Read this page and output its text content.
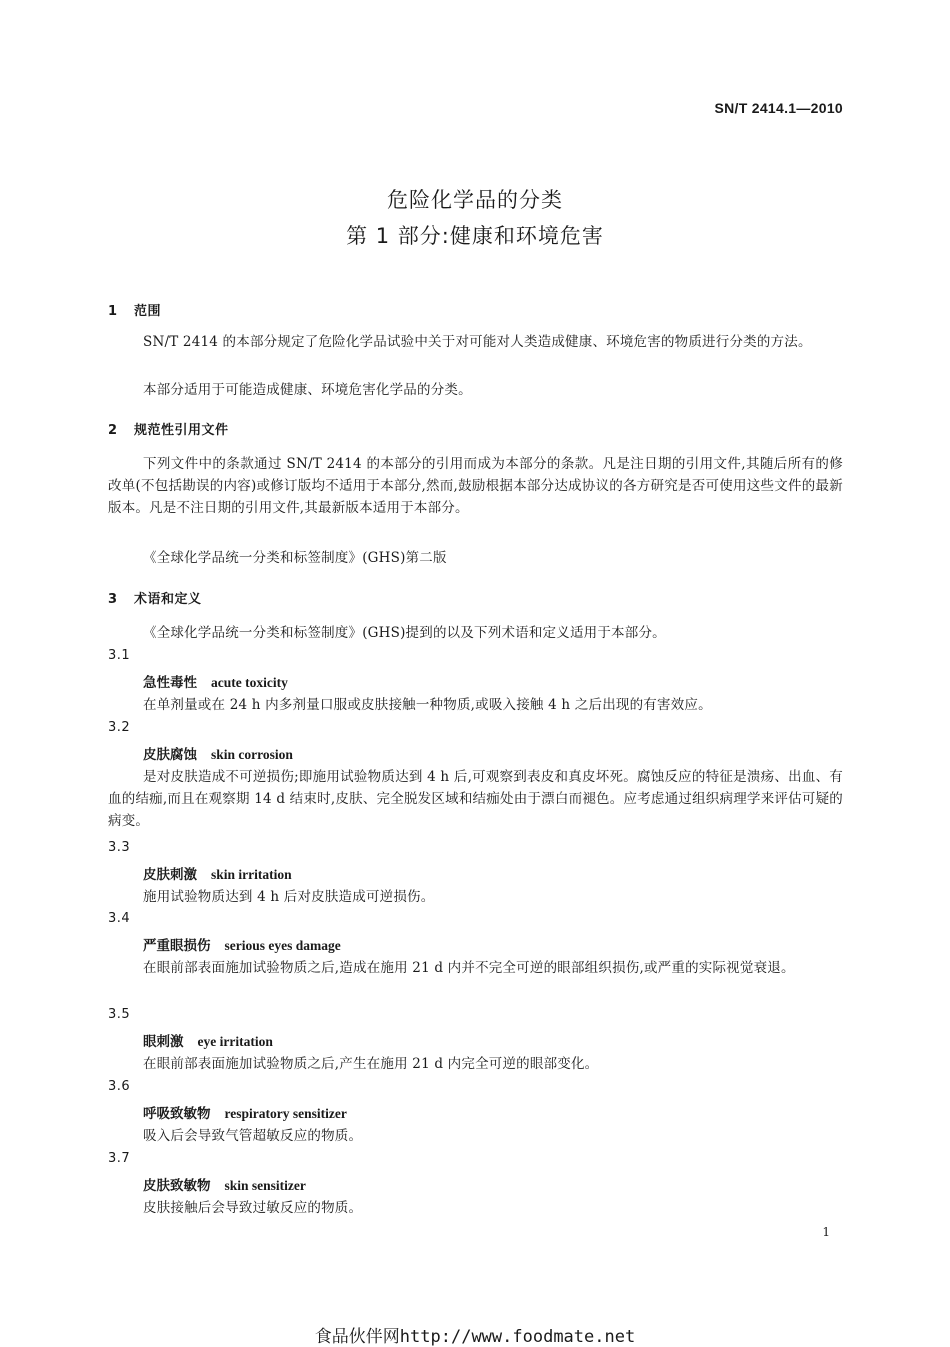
SN/T 2414.1—2010
危险化学品的分类
第 1 部分:健康和环境危害
1 范围

SN/T 2414 的本部分规定了危险化学品试验中关于对可能对人类造成健康、环境危害的物质进行分类的方法。

本部分适用于可能造成健康、环境危害化学品的分类。

2 规范性引用文件

下列文件中的条款通过 SN/T 2414 的本部分的引用而成为本部分的条款。凡是注日期的引用文件,其随后所有的修改单(不包括勘误的内容)或修订版均不适用于本部分,然而,鼓励根据本部分达成协议的各方研究是否可使用这些文件的最新版本。凡是不注日期的引用文件,其最新版本适用于本部分。

《全球化学品统一分类和标签制度》(GHS)第二版

3 术语和定义

《全球化学品统一分类和标签制度》(GHS)提到的以及下列术语和定义适用于本部分。

3.1
急性毒性 acute toxicity

在单剂量或在 24 h 内多剂量口服或皮肤接触一种物质,或吸入接触 4 h 之后出现的有害效应。

3.2
皮肤腐蚀 skin corrosion

是对皮肤造成不可逆损伤;即施用试验物质达到 4 h 后,可观察到表皮和真皮坏死。腐蚀反应的特征是溃疡、出血、有血的结痂,而且在观察期 14 d 结束时,皮肤、完全脱发区域和结痂处由于漂白而褪色。应考虑通过组织病理学来评估可疑的病变。

3.3
皮肤刺激 skin irritation

施用试验物质达到 4 h 后对皮肤造成可逆损伤。

3.4
严重眼损伤 serious eyes damage

在眼前部表面施加试验物质之后,造成在施用 21 d 内并不完全可逆的眼部组织损伤,或严重的实际视觉衰退。

3.5
眼刺激 eye irritation

在眼前部表面施加试验物质之后,产生在施用 21 d 内完全可逆的眼部变化。

3.6
呼吸致敏物 respiratory sensitizer

吸入后会导致气管超敏反应的物质。

3.7
皮肤致敏物 skin sensitizer

皮肤接触后会导致过敏反应的物质。

1
食品伙伴网http://www.foodmate.net
